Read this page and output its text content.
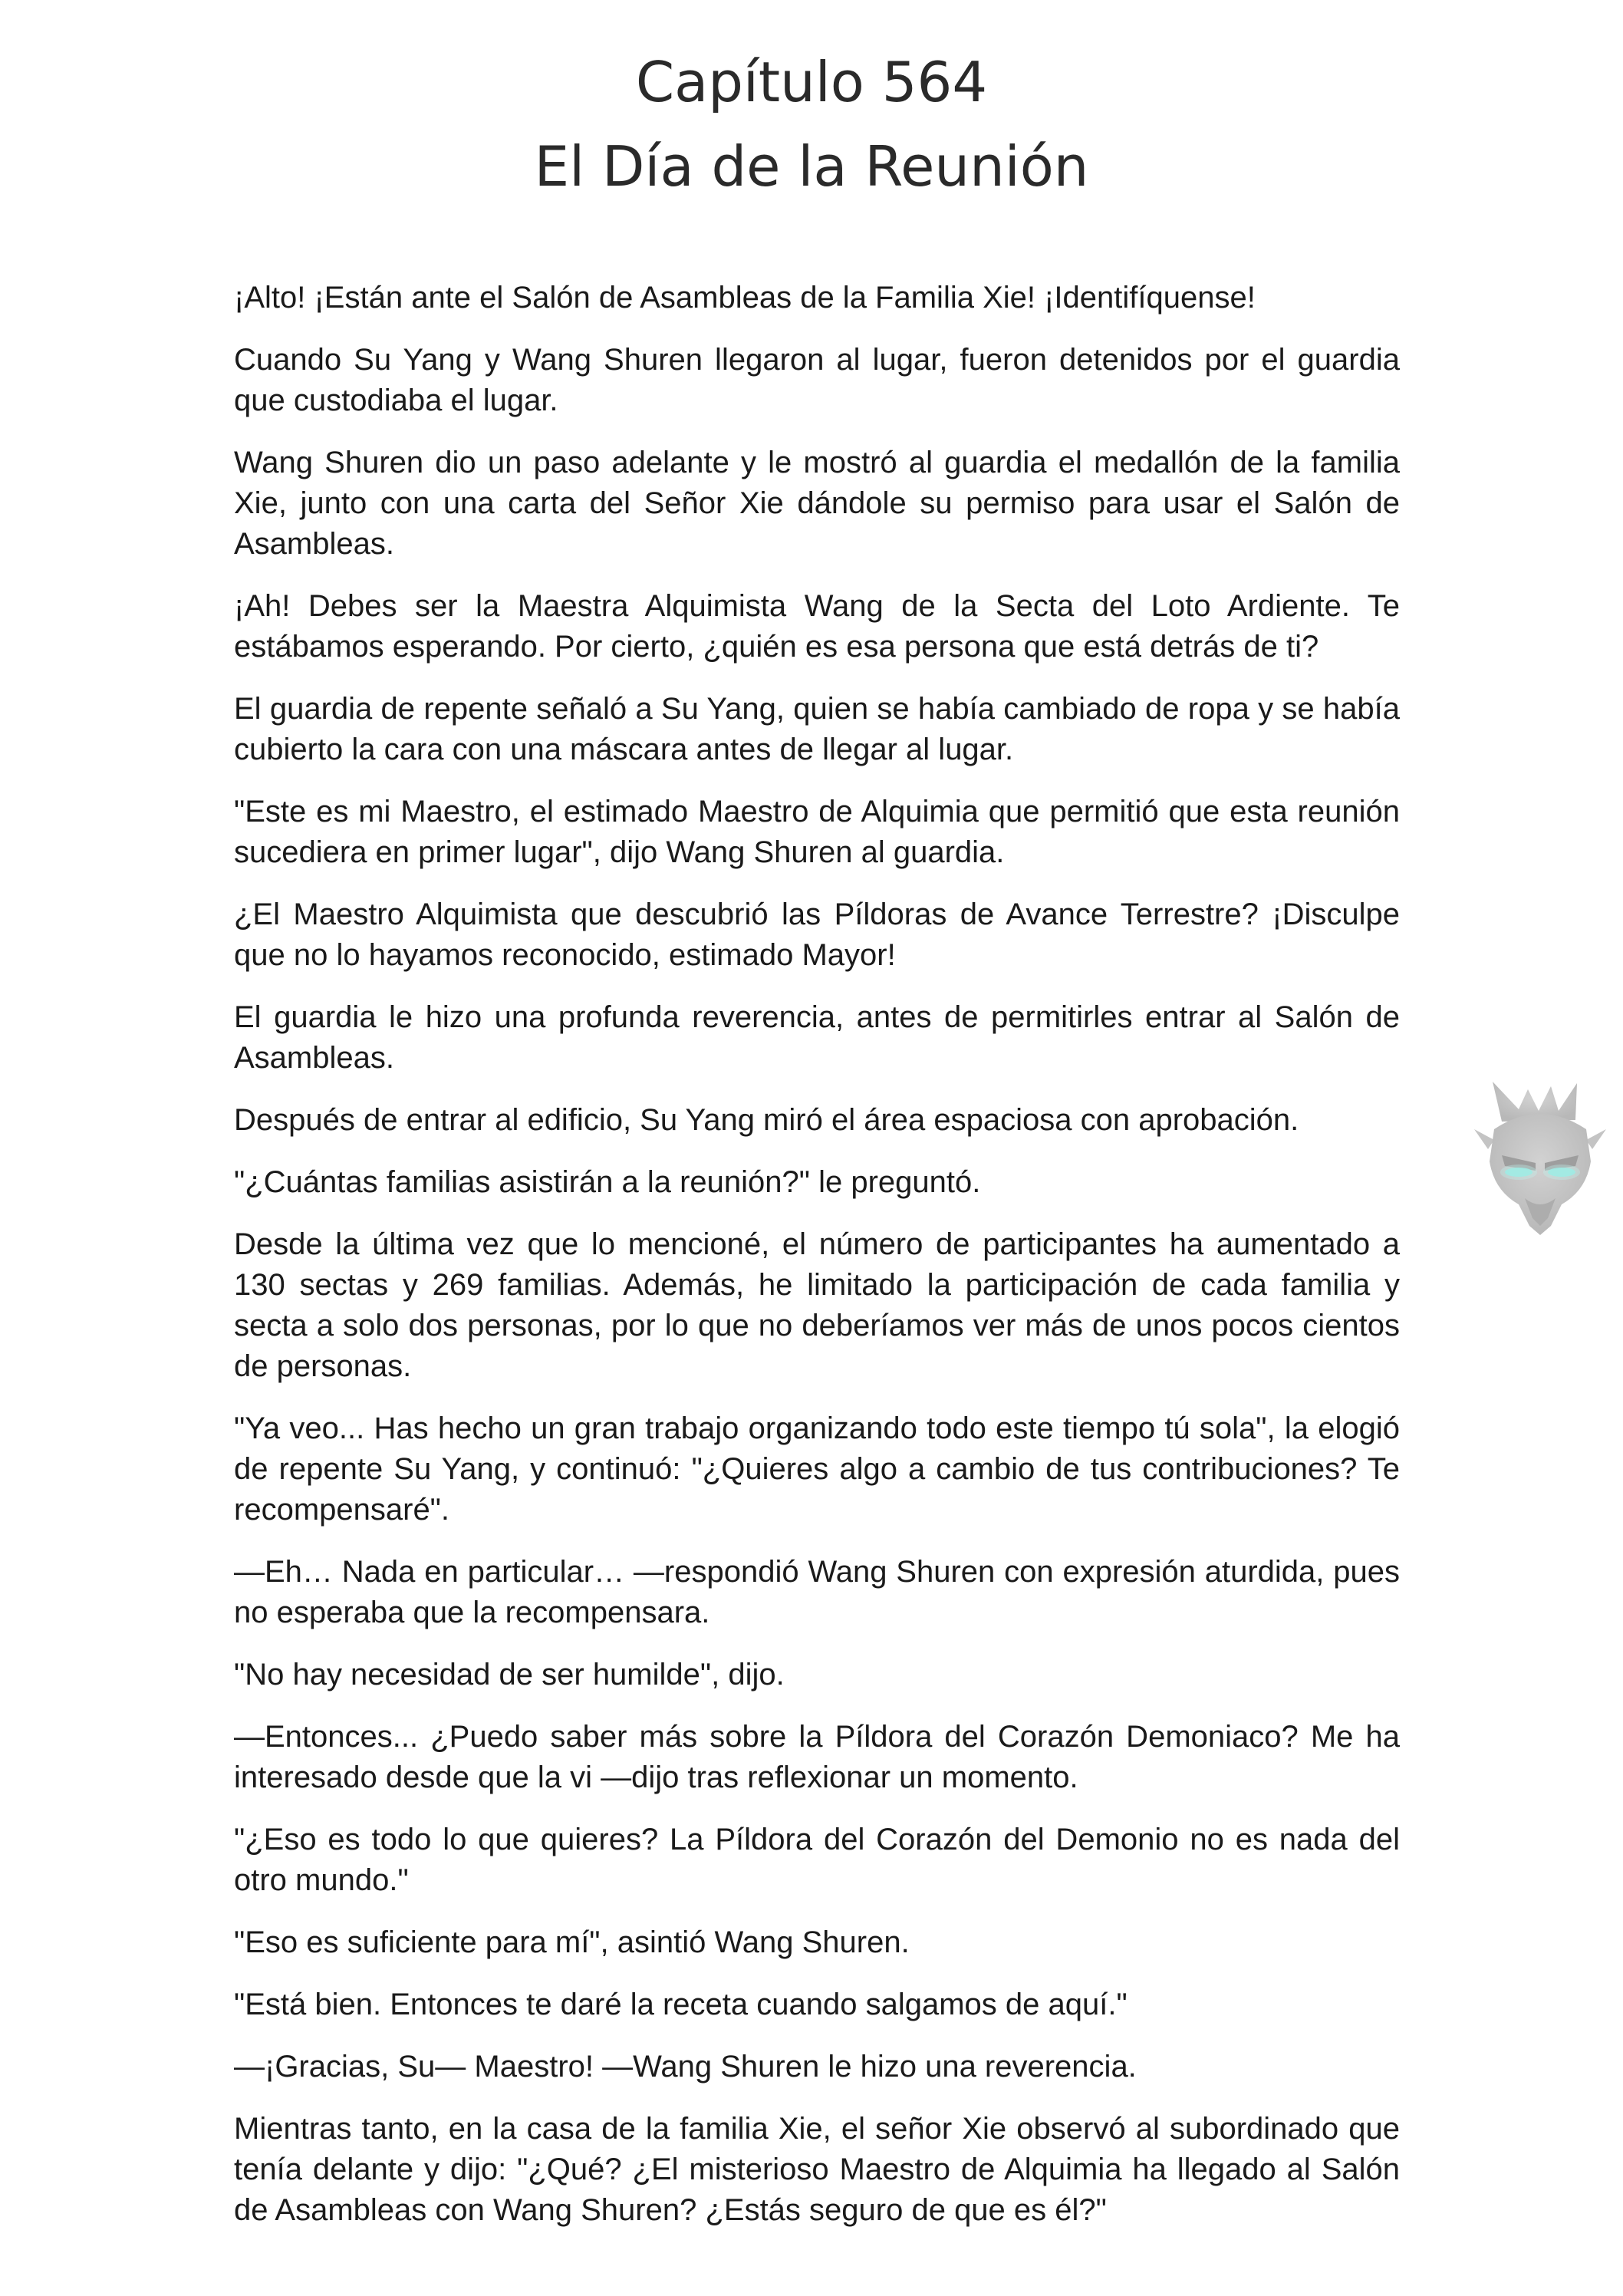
Capítulo 564
El Día de la Reunión

¡Alto! ¡Están ante el Salón de Asambleas de la Familia Xie! ¡Identifíquense!

Cuando Su Yang y Wang Shuren llegaron al lugar, fueron detenidos por el guardia que custodiaba el lugar.

Wang Shuren dio un paso adelante y le mostró al guardia el medallón de la familia Xie, junto con una carta del Señor Xie dándole su permiso para usar el Salón de Asambleas.

¡Ah! Debes ser la Maestra Alquimista Wang de la Secta del Loto Ardiente. Te estábamos esperando. Por cierto, ¿quién es esa persona que está detrás de ti?

El guardia de repente señaló a Su Yang, quien se había cambiado de ropa y se había cubierto la cara con una máscara antes de llegar al lugar.

"Este es mi Maestro, el estimado Maestro de Alquimia que permitió que esta reunión sucediera en primer lugar", dijo Wang Shuren al guardia.

¿El Maestro Alquimista que descubrió las Píldoras de Avance Terrestre? ¡Disculpe que no lo hayamos reconocido, estimado Mayor!

El guardia le hizo una profunda reverencia, antes de permitirles entrar al Salón de Asambleas.

Después de entrar al edificio, Su Yang miró el área espaciosa con aprobación.

"¿Cuántas familias asistirán a la reunión?" le preguntó.

Desde la última vez que lo mencioné, el número de participantes ha aumentado a 130 sectas y 269 familias. Además, he limitado la participación de cada familia y secta a solo dos personas, por lo que no deberíamos ver más de unos pocos cientos de personas.

"Ya veo... Has hecho un gran trabajo organizando todo este tiempo tú sola", la elogió de repente Su Yang, y continuó: "¿Quieres algo a cambio de tus contribuciones? Te recompensaré".

—Eh… Nada en particular… —respondió Wang Shuren con expresión aturdida, pues no esperaba que la recompensara.

"No hay necesidad de ser humilde", dijo.

—Entonces... ¿Puedo saber más sobre la Píldora del Corazón Demoniaco? Me ha interesado desde que la vi —dijo tras reflexionar un momento.

"¿Eso es todo lo que quieres? La Píldora del Corazón del Demonio no es nada del otro mundo."

"Eso es suficiente para mí", asintió Wang Shuren.

"Está bien. Entonces te daré la receta cuando salgamos de aquí."

—¡Gracias, Su— Maestro! —Wang Shuren le hizo una reverencia.

Mientras tanto, en la casa de la familia Xie, el señor Xie observó al subordinado que tenía delante y dijo: "¿Qué? ¿El misterioso Maestro de Alquimia ha llegado al Salón de Asambleas con Wang Shuren? ¿Estás seguro de que es él?"
